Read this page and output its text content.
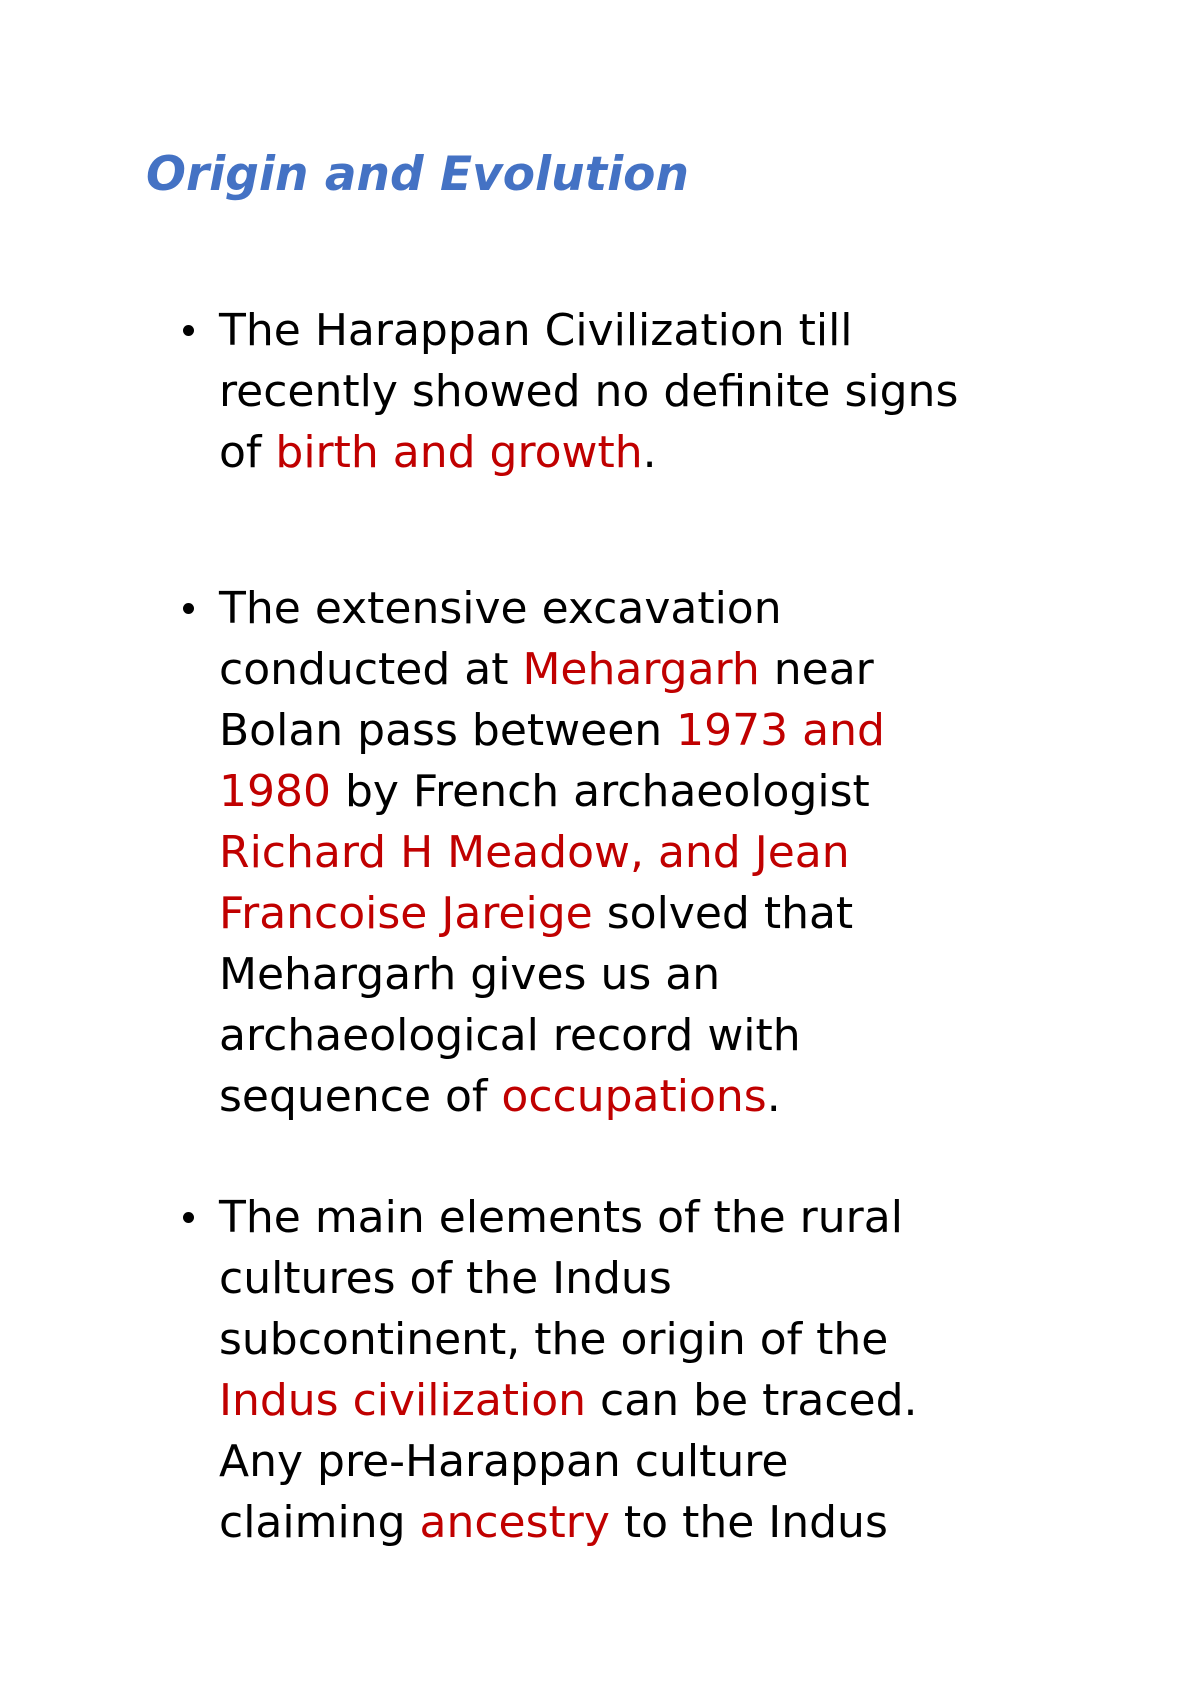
Origin and Evolution

The Harappan Civilization till
recently showed no definite signs
of birth and growth.

The extensive excavation
conducted at Mehargarh near
Bolan pass between 1973 and
1980 by French archaeologist
Richard H Meadow, and Jean
Francoise Jareige solved that
Mehargarh gives us an
archaeological record with
sequence of occupations.

The main elements of the rural
cultures of the Indus
subcontinent, the origin of the
Indus civilization can be traced.
Any pre-Harappan culture
claiming ancestry to the Indus
